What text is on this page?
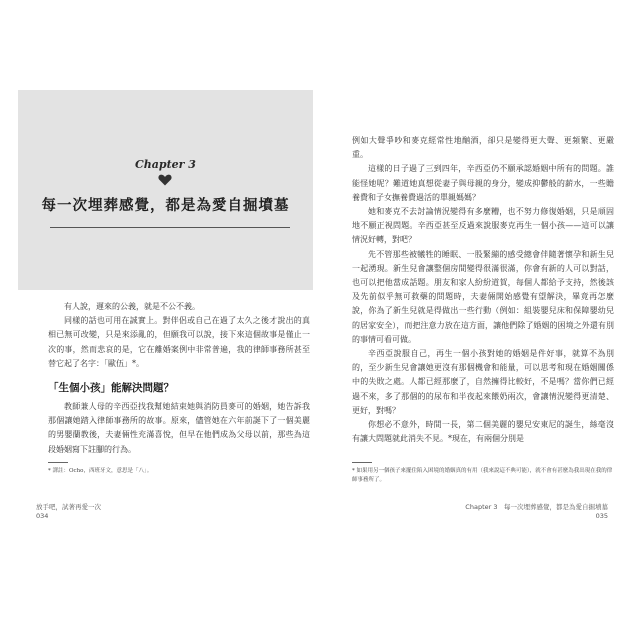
Chapter 3
每一次埋葬感覺，都是為愛自掘墳墓

有人說，遲來的公義，就是不公不義。

同樣的話也可用在誠實上。對伴侶或自己在過了太久之後才說出的真相已無可改變，只是來添亂的，但願我可以說，接下來這個故事是僅止一次的事，然而悲哀的是，它在離婚案例中非常普遍，我的律師事務所甚至替它起了名字：「歐伍」*。

「生個小孩」能解決問題？

教師兼人母的辛西亞找我幫她結束她與消防員麥可的婚姻，她告訴我那個讓她踏入律師事務所的故事。原來，儘管她在六年前誕下了一個美麗的男嬰蘭教後，夫妻倆性充滿喜悅，但早在他們成為父母以前，那些為這段婚姻寫下註腳的行為。

* 譯註：Ocho，西班牙文，意思是「八」。
放手吧，試著再愛一次
034

例如大聲爭吵和麥克經常性地酗酒，卻只是變得更大聲、更頻繁、更嚴重。

這樣的日子過了三到四年，辛西亞仍不願承認婚姻中所有的問題。誰能怪她呢？難道她真想從妻子與母親的身分，變成抑鬱般的薪水，一些贍養費和子女撫養費過活的單親媽媽？

她和麥克不去討論情況變得有多麼糟，也不努力修復婚姻，只是頑固地不願正視問題。辛西亞甚至反過來說服麥克再生一個小孩——這可以讓情況好轉，對吧？

先不管那些被犧牲的睡眠、一股緊繃的感受總會伴隨著懷孕和新生兒一起湧現。新生兒會讓整個房間變得很滿很滿，你會有新的人可以對話，也可以把他當成話題。朋友和家人紛紛道賀，每個人都給予支持，然後該及先前似乎無可救藥的問題時，夫妻倆開始感覺有望解決，畢竟再怎麼說，你為了新生兒就是得做出一些行動（例如：組裝嬰兒床和保障嬰幼兒的居家安全），而把注意力放在這方面，讓他們除了婚姻的困境之外還有別的事情可看可做。

辛西亞說服自己，再生一個小孩對她的婚姻是件好事，就算不為別的，至少新生兒會讓她更沒有那個機會和能量，可以思考和現在婚姻關係中的失敗之處。人都已經那麼了，自然擁得比較好，不是嗎？當你們已經過不來，多了那個的的尿布和半夜起來餵奶兩次，會讓情況變得更清楚、更好，對嗎？

你想必不意外，時間一長，第二個美麗的嬰兒安東尼的誕生，絲毫沒有讓大問題就此消失不見。*現在，有兩個分別是

* 如果用另一個孩子來擺住陷入困境的婚姻真的有用（我來說這不典可能），就不會有甚麼為我出現在我的律師事務所了。
Chapter 3　每一次埋葬感覺，都是為愛自掘墳墓
035
